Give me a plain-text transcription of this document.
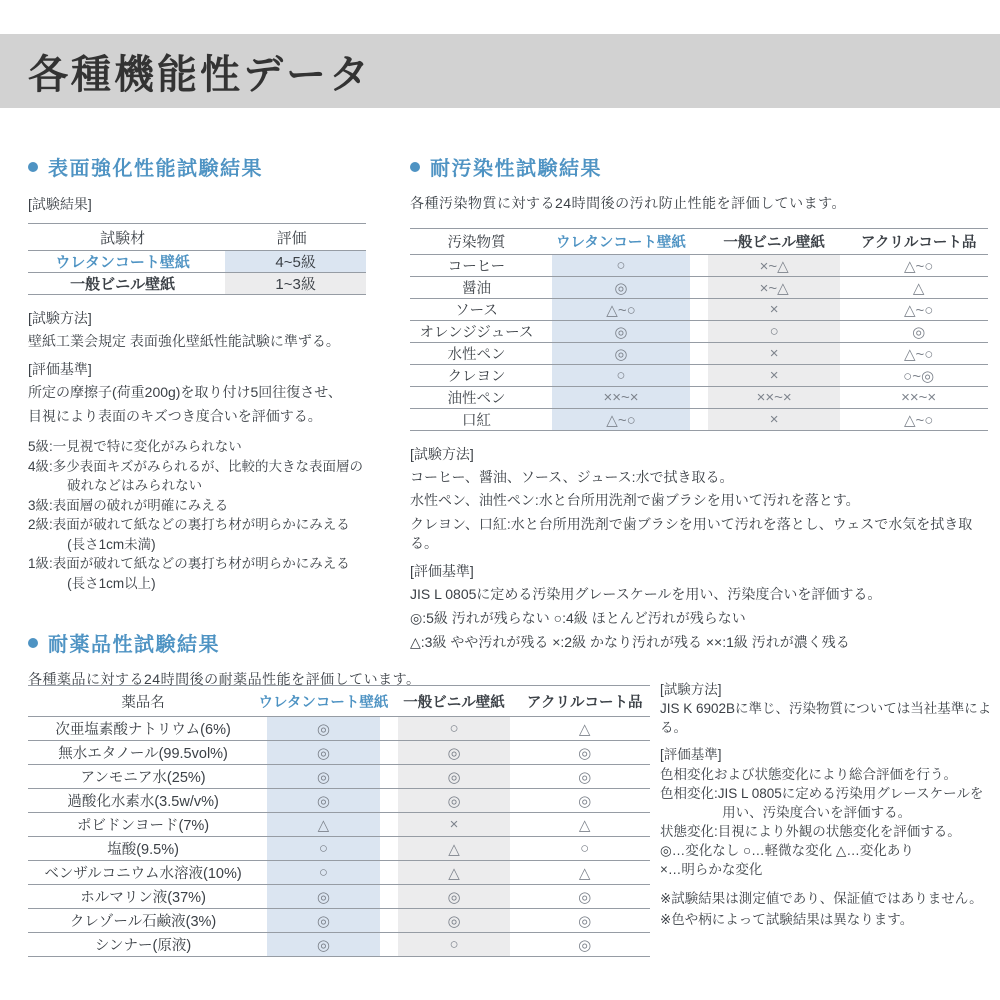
各種機能性データ
表面強化性能試験結果
[試験結果]
試験材	評価
ウレタンコート壁紙	4~5級
一般ビニル壁紙	1~3級
[試験方法]
壁紙工業会規定 表面強化壁紙性能試験に準ずる。
[評価基準]
所定の摩擦子(荷重200g)を取り付け5回往復させ、
目視により表面のキズつき度合いを評価する。
5級:一見視で特に変化がみられない
4級:多少表面キズがみられるが、比較的大きな表面層の破れなどはみられない
3級:表面層の破れが明確にみえる
2級:表面が破れて紙などの裏打ち材が明らかにみえる(長さ1cm未満)
1級:表面が破れて紙などの裏打ち材が明らかにみえる(長さ1cm以上)
耐汚染性試験結果
各種汚染物質に対する24時間後の汚れ防止性能を評価しています。
汚染物質	ウレタンコート壁紙	一般ビニル壁紙	アクリルコート品
コーヒー	○	×~△	△~○
醤油	◎	×~△	△
ソース	△~○	×	△~○
オレンジジュース	◎	○	◎
水性ペン	◎	×	△~○
クレヨン	○	×	○~◎
油性ペン	××~×	××~×	××~×
口紅	△~○	×	△~○
[試験方法]
コーヒー、醤油、ソース、ジュース:水で拭き取る。
水性ペン、油性ペン:水と台所用洗剤で歯ブラシを用いて汚れを落とす。
クレヨン、口紅:水と台所用洗剤で歯ブラシを用いて汚れを落とし、ウェスで水気を拭き取る。
[評価基準]
JIS L 0805に定める汚染用グレースケールを用い、汚染度合いを評価する。
◎:5級 汚れが残らない ○:4級 ほとんど汚れが残らない
△:3級 やや汚れが残る ×:2級 かなり汚れが残る ××:1級 汚れが濃く残る
耐薬品性試験結果
各種薬品に対する24時間後の耐薬品性能を評価しています。
薬品名	ウレタンコート壁紙	一般ビニル壁紙	アクリルコート品
次亜塩素酸ナトリウム(6%)	◎	○	△
無水エタノール(99.5vol%)	◎	◎	◎
アンモニア水(25%)	◎	◎	◎
過酸化水素水(3.5w/v%)	◎	◎	◎
ポビドンヨード(7%)	△	×	△
塩酸(9.5%)	○	△	○
ベンザルコニウム水溶液(10%)	○	△	△
ホルマリン液(37%)	◎	◎	◎
クレゾール石鹸液(3%)	◎	◎	◎
シンナー(原液)	◎	○	◎
[試験方法]
JIS K 6902Bに準じ、汚染物質については当社基準による。
[評価基準]
色相変化および状態変化により総合評価を行う。
色相変化:JIS L 0805に定める汚染用グレースケールを用い、汚染度合いを評価する。
状態変化:目視により外観の状態変化を評価する。
◎…変化なし ○…軽微な変化 △…変化あり
×…明らかな変化
※試験結果は測定値であり、保証値ではありません。
※色や柄によって試験結果は異なります。
